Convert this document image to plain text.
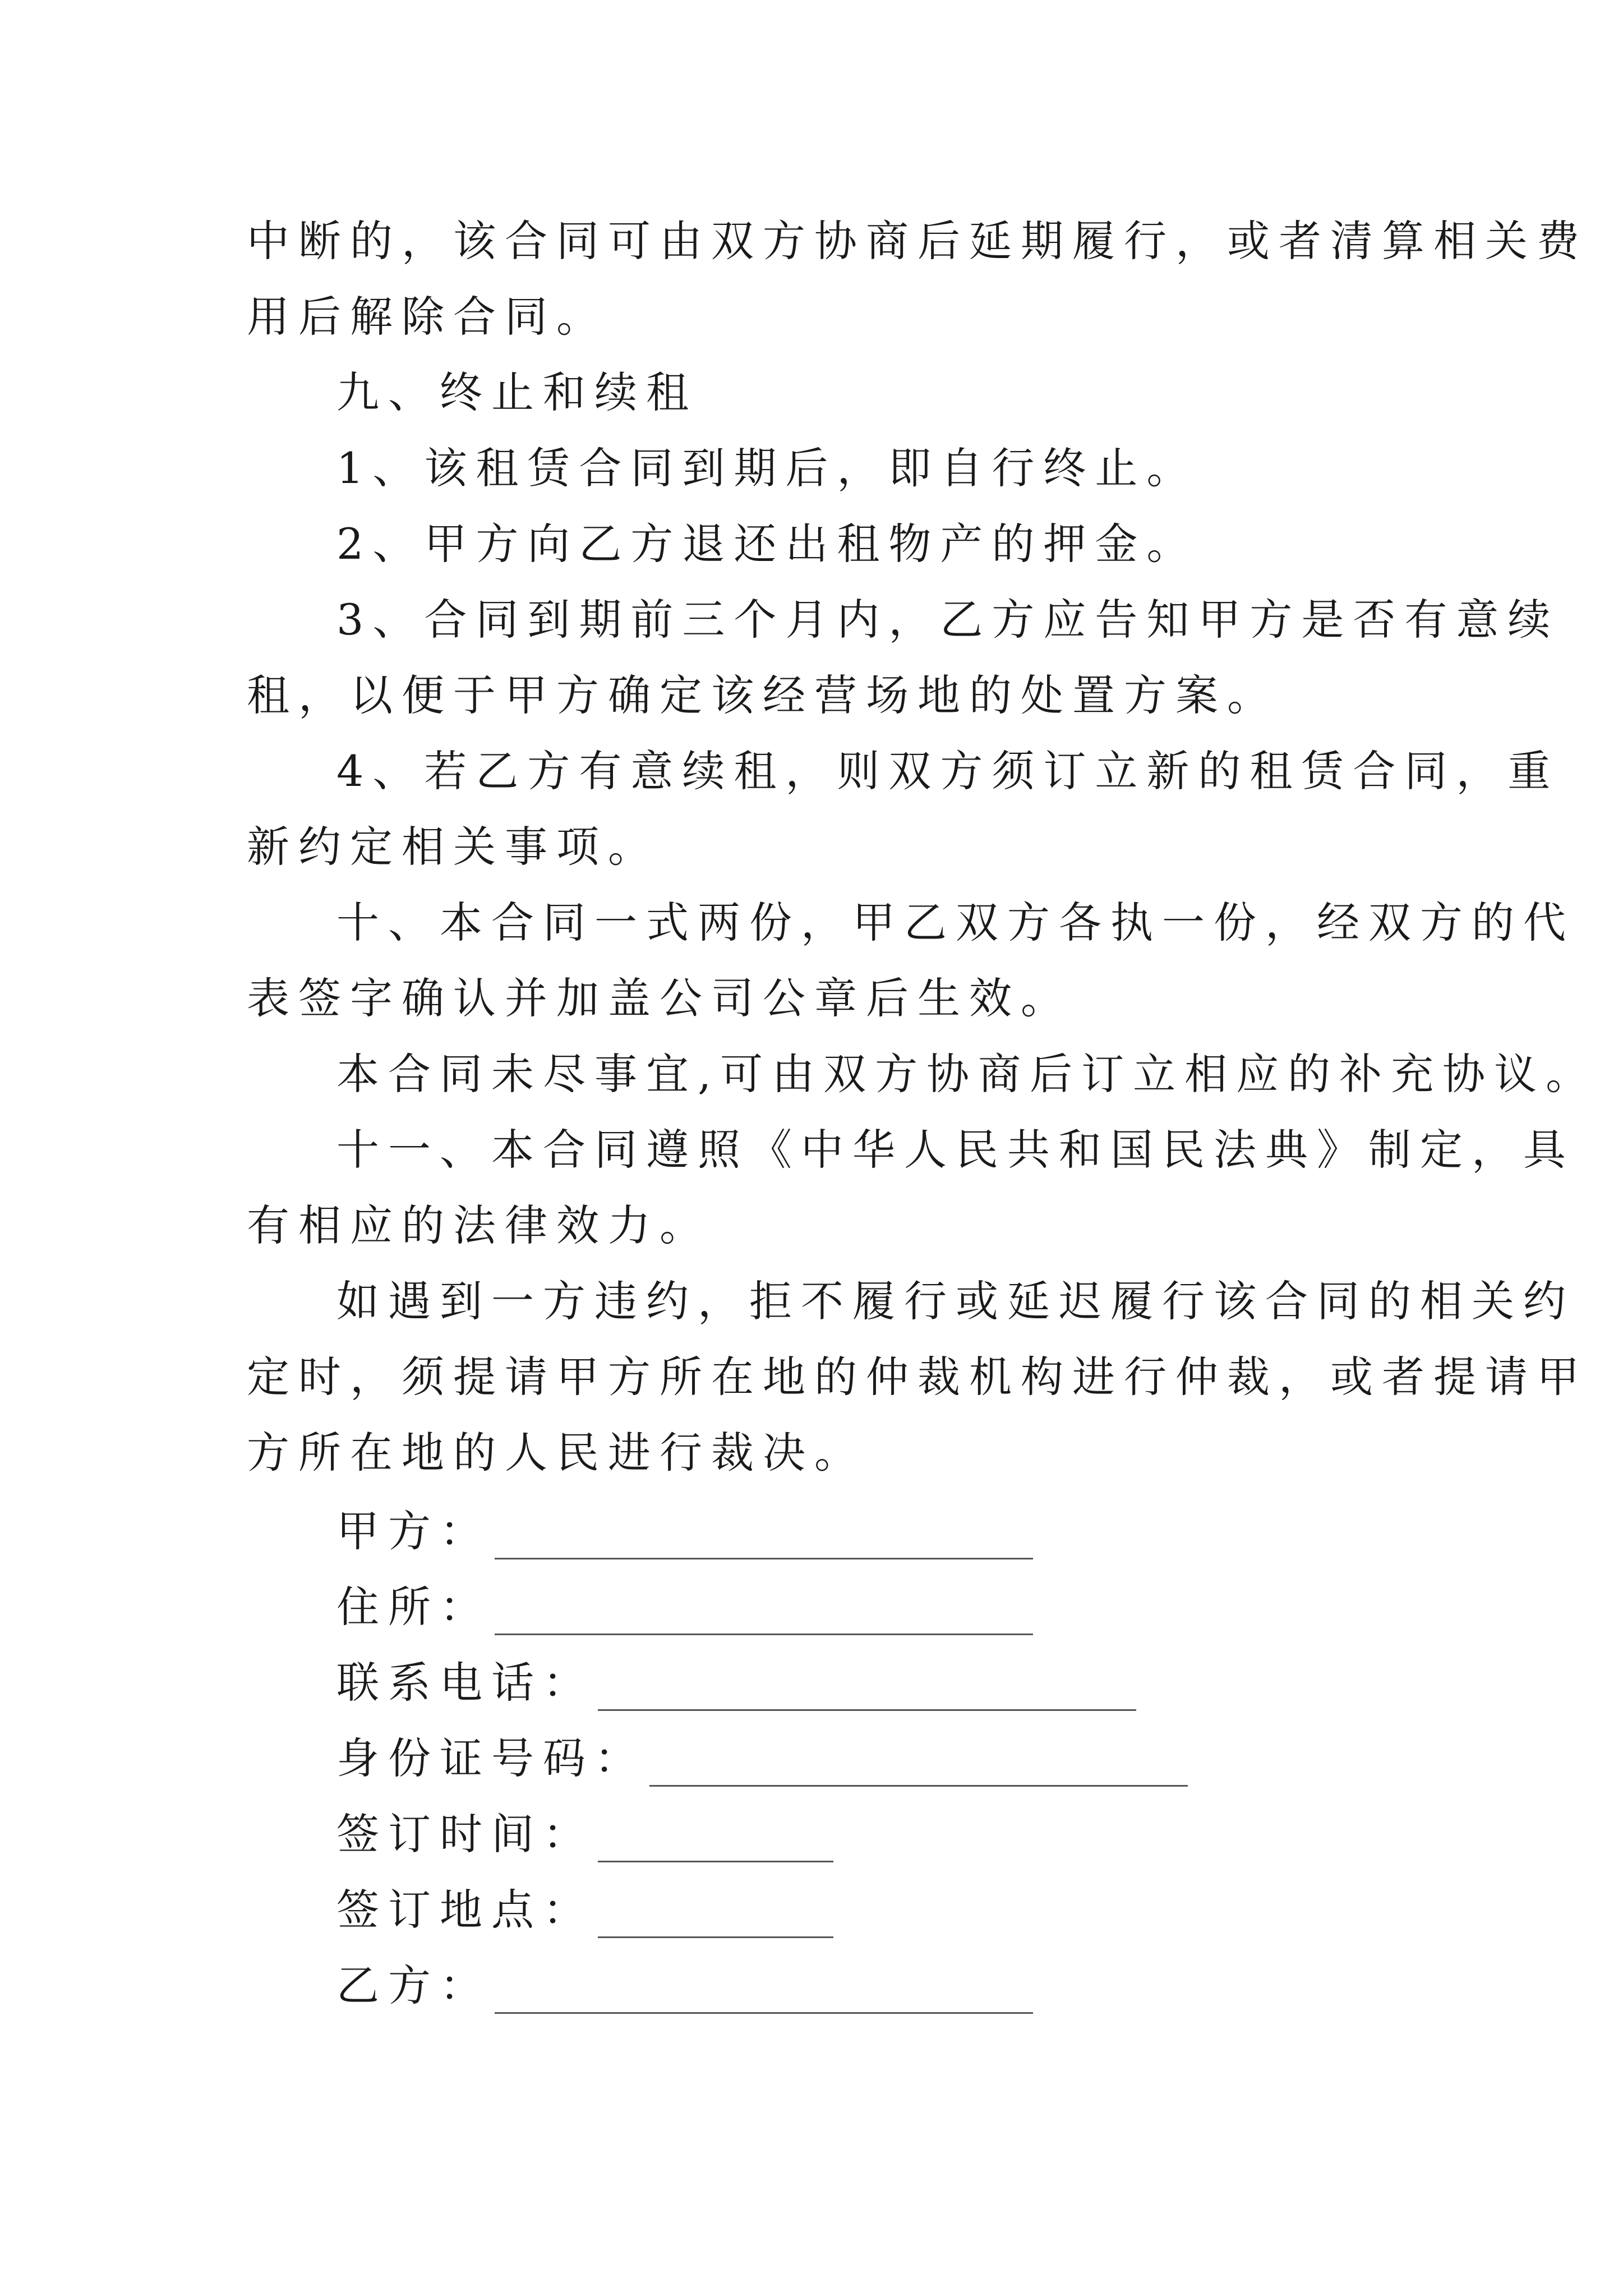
中断的，该合同可由双方协商后延期履行，或者清算相关费
用后解除合同。
九、终止和续租
1、该租赁合同到期后，即自行终止。
2、甲方向乙方退还出租物产的押金。
3、合同到期前三个月内，乙方应告知甲方是否有意续
租，以便于甲方确定该经营场地的处置方案。
4、若乙方有意续租，则双方须订立新的租赁合同，重
新约定相关事项。
十、本合同一式两份，甲乙双方各执一份，经双方的代
表签字确认并加盖公司公章后生效。
本合同未尽事宜,可由双方协商后订立相应的补充协议。
十一、本合同遵照《中华人民共和国民法典》制定，具
有相应的法律效力。
如遇到一方违约，拒不履行或延迟履行该合同的相关约
定时，须提请甲方所在地的仲裁机构进行仲裁，或者提请甲
方所在地的人民进行裁决。
甲方：
住所：
联系电话：
身份证号码：
签订时间：
签订地点：
乙方：
